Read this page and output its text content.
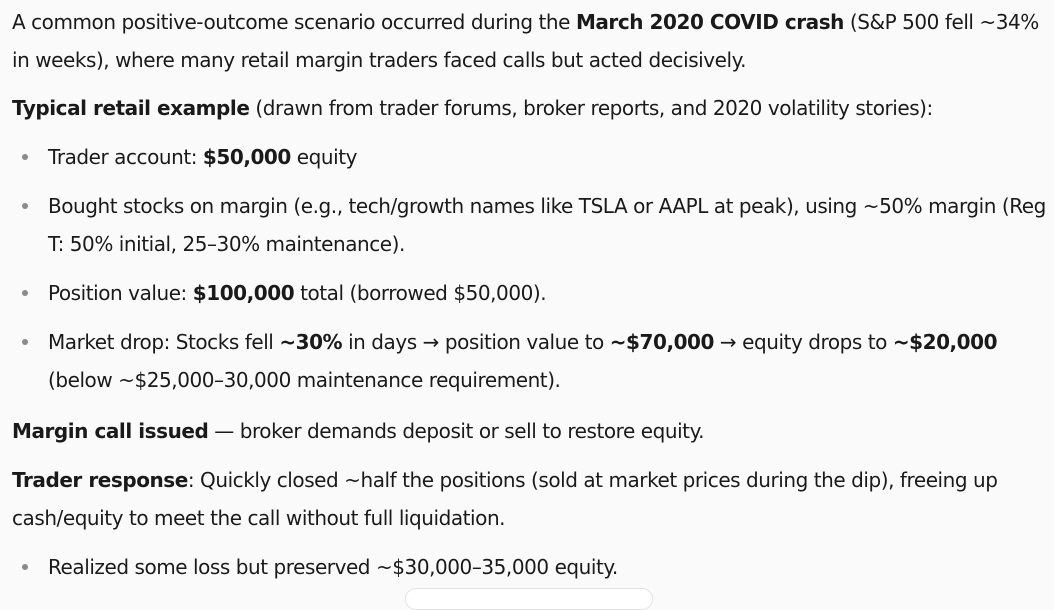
A common positive-outcome scenario occurred during the March 2020 COVID crash (S&P 500 fell ~34% in weeks), where many retail margin traders faced calls but acted decisively.

Typical retail example (drawn from trader forums, broker reports, and 2020 volatility stories):

Trader account: $50,000 equity
Bought stocks on margin (e.g., tech/growth names like TSLA or AAPL at peak), using ~50% margin (Reg T: 50% initial, 25–30% maintenance).
Position value: $100,000 total (borrowed $50,000).
Market drop: Stocks fell ~30% in days → position value to ~$70,000 → equity drops to ~$20,000 (below ~$25,000–30,000 maintenance requirement).

Margin call issued — broker demands deposit or sell to restore equity.

Trader response: Quickly closed ~half the positions (sold at market prices during the dip), freeing up cash/equity to meet the call without full liquidation.

Realized some loss but preserved ~$30,000–35,000 equity.
